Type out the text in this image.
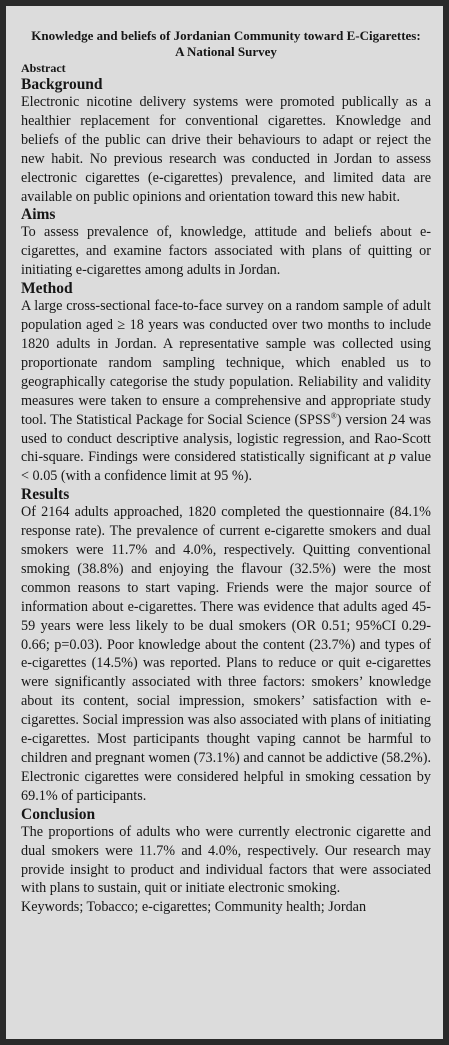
Knowledge and beliefs of Jordanian Community toward E-Cigarettes: A National Survey
Abstract
Background
Electronic nicotine delivery systems were promoted publically as a healthier replacement for conventional cigarettes. Knowledge and beliefs of the public can drive their behaviours to adapt or reject the new habit. No previous research was conducted in Jordan to assess electronic cigarettes (e-cigarettes) prevalence, and limited data are available on public opinions and orientation toward this new habit.
Aims
To assess prevalence of, knowledge, attitude and beliefs about e-cigarettes, and examine factors associated with plans of quitting or initiating e-cigarettes among adults in Jordan.
Method
A large cross-sectional face-to-face survey on a random sample of adult population aged ≥ 18 years was conducted over two months to include 1820 adults in Jordan. A representative sample was collected using proportionate random sampling technique, which enabled us to geographically categorise the study population. Reliability and validity measures were taken to ensure a comprehensive and appropriate study tool. The Statistical Package for Social Science (SPSS®) version 24 was used to conduct descriptive analysis, logistic regression, and Rao-Scott chi-square. Findings were considered statistically significant at p value < 0.05 (with a confidence limit at 95 %).
Results
Of 2164 adults approached, 1820 completed the questionnaire (84.1% response rate). The prevalence of current e-cigarette smokers and dual smokers were 11.7% and 4.0%, respectively. Quitting conventional smoking (38.8%) and enjoying the flavour (32.5%) were the most common reasons to start vaping. Friends were the major source of information about e-cigarettes. There was evidence that adults aged 45-59 years were less likely to be dual smokers (OR 0.51; 95%CI 0.29-0.66; p=0.03). Poor knowledge about the content (23.7%) and types of e-cigarettes (14.5%) was reported. Plans to reduce or quit e-cigarettes were significantly associated with three factors: smokers’ knowledge about its content, social impression, smokers’ satisfaction with e-cigarettes. Social impression was also associated with plans of initiating e-cigarettes. Most participants thought vaping cannot be harmful to children and pregnant women (73.1%) and cannot be addictive (58.2%). Electronic cigarettes were considered helpful in smoking cessation by 69.1% of participants.
Conclusion
The proportions of adults who were currently electronic cigarette and dual smokers were 11.7% and 4.0%, respectively. Our research may provide insight to product and individual factors that were associated with plans to sustain, quit or initiate electronic smoking.
Keywords; Tobacco; e-cigarettes; Community health; Jordan
